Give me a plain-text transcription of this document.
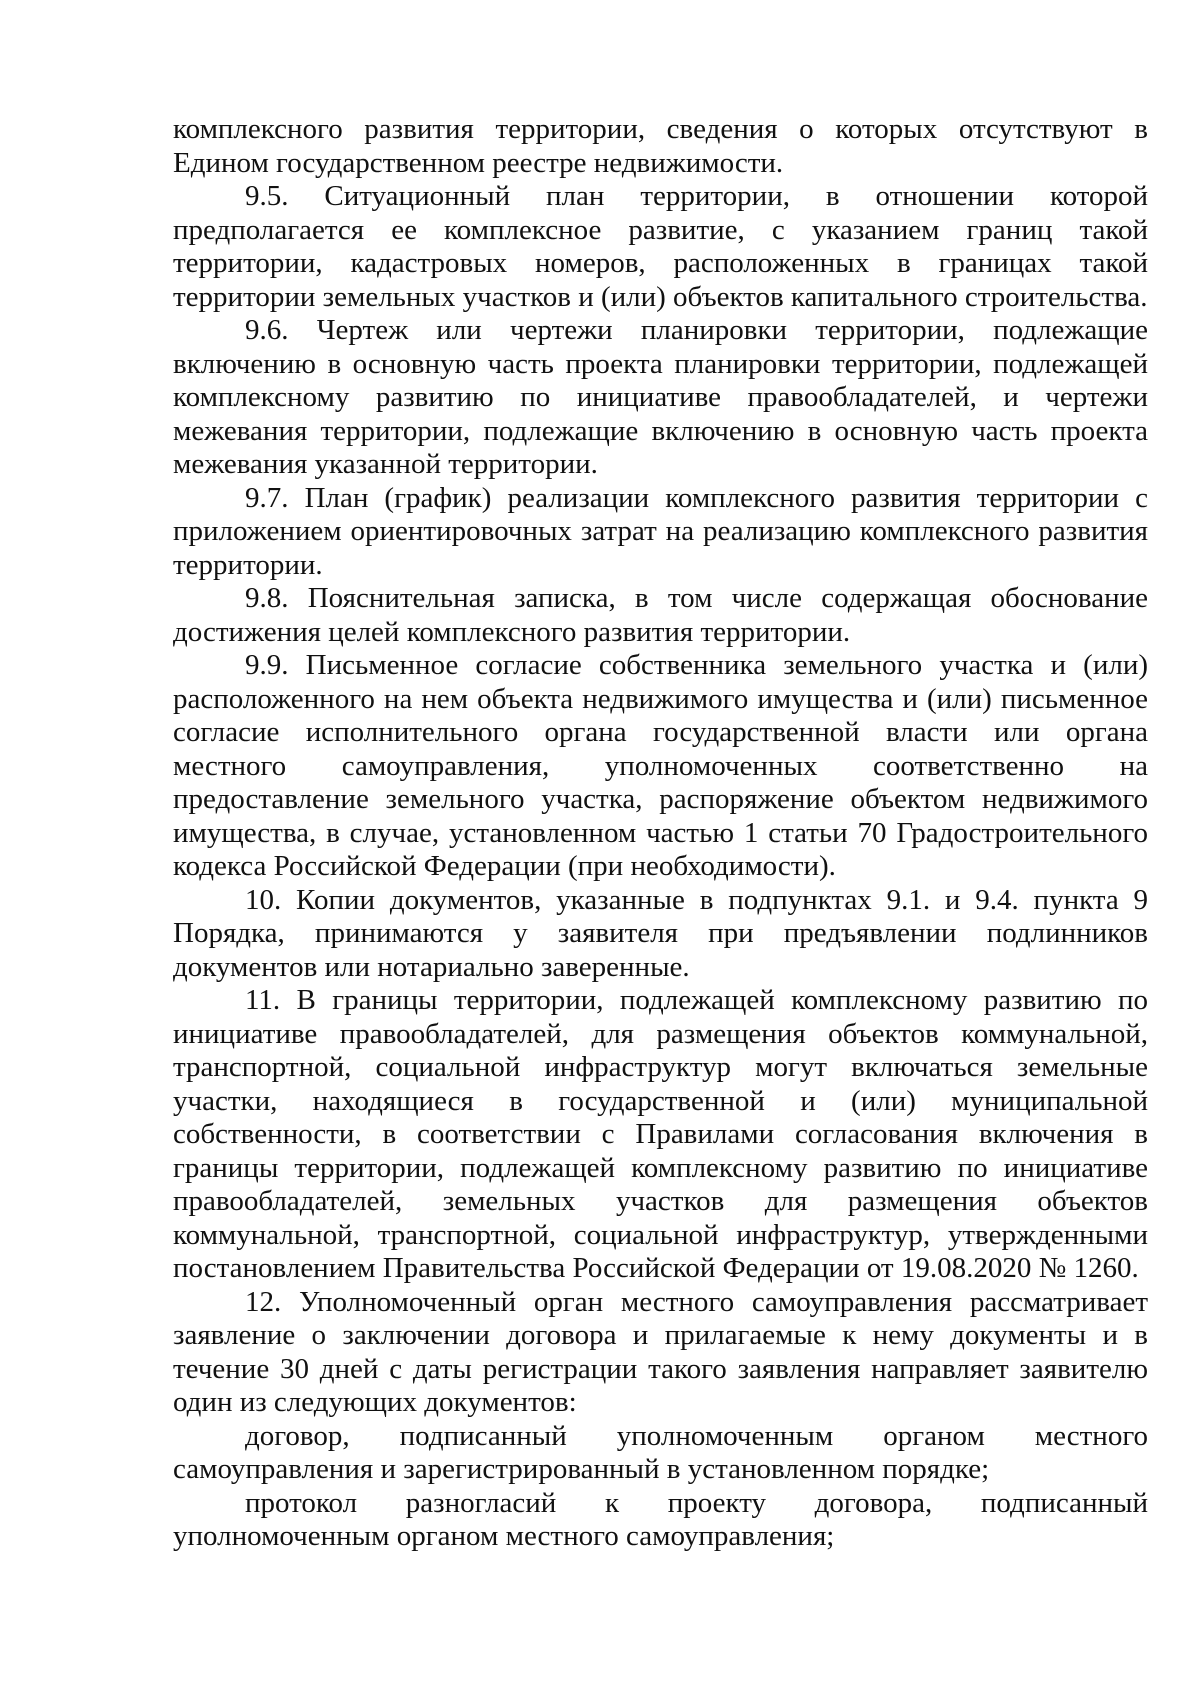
комплексного развития территории, сведения о которых отсутствуют в Едином государственном реестре недвижимости.

9.5. Ситуационный план территории, в отношении которой предполагается ее комплексное развитие, с указанием границ такой территории, кадастровых номеров, расположенных в границах такой территории земельных участков и (или) объектов капитального строительства.

9.6. Чертеж или чертежи планировки территории, подлежащие включению в основную часть проекта планировки территории, подлежащей комплексному развитию по инициативе правообладателей, и чертежи межевания территории, подлежащие включению в основную часть проекта межевания указанной территории.

9.7. План (график) реализации комплексного развития территории с приложением ориентировочных затрат на реализацию комплексного развития территории.

9.8. Пояснительная записка, в том числе содержащая обоснование достижения целей комплексного развития территории.

9.9. Письменное согласие собственника земельного участка и (или) расположенного на нем объекта недвижимого имущества и (или) письменное согласие исполнительного органа государственной власти или органа местного самоуправления, уполномоченных соответственно на предоставление земельного участка, распоряжение объектом недвижимого имущества, в случае, установленном частью 1 статьи 70 Градостроительного кодекса Российской Федерации (при необходимости).

10. Копии документов, указанные в подпунктах 9.1. и 9.4. пункта 9 Порядка, принимаются у заявителя при предъявлении подлинников документов или нотариально заверенные.

11. В границы территории, подлежащей комплексному развитию по инициативе правообладателей, для размещения объектов коммунальной, транспортной, социальной инфраструктур могут включаться земельные участки, находящиеся в государственной и (или) муниципальной собственности, в соответствии с Правилами согласования включения в границы территории, подлежащей комплексному развитию по инициативе правообладателей, земельных участков для размещения объектов коммунальной, транспортной, социальной инфраструктур, утвержденными постановлением Правительства Российской Федерации от 19.08.2020 № 1260.

12. Уполномоченный орган местного самоуправления рассматривает заявление о заключении договора и прилагаемые к нему документы и в течение 30 дней с даты регистрации такого заявления направляет заявителю один из следующих документов:

договор, подписанный уполномоченным органом местного самоуправления и зарегистрированный в установленном порядке;

протокол разногласий к проекту договора, подписанный уполномоченным органом местного самоуправления;
